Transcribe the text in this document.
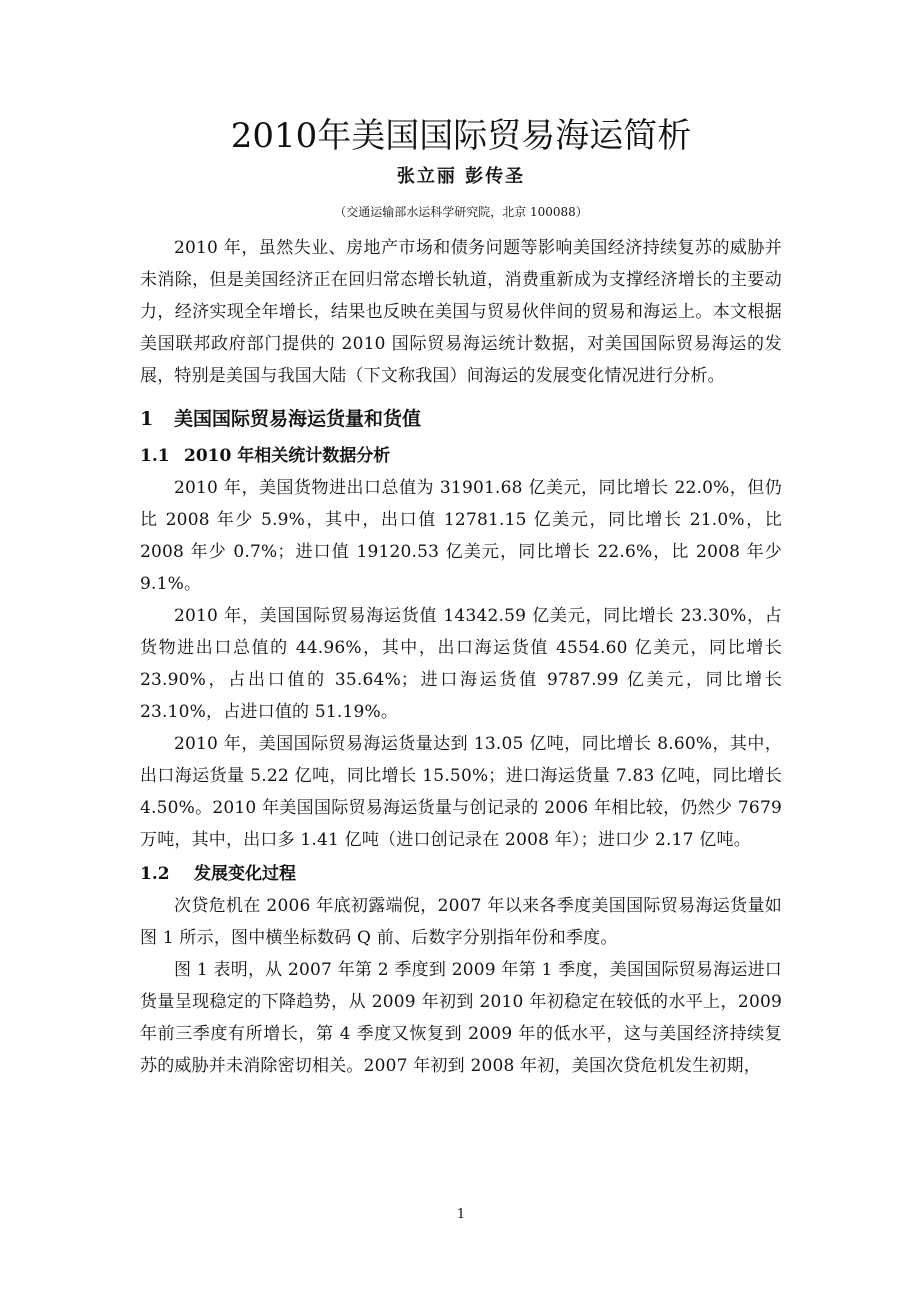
2010年美国国际贸易海运简析

张立丽 彭传圣

（交通运输部水运科学研究院，北京 100088）

2010 年，虽然失业、房地产市场和债务问题等影响美国经济持续复苏的威胁并未消除，但是美国经济正在回归常态增长轨道，消费重新成为支撑经济增长的主要动力，经济实现全年增长，结果也反映在美国与贸易伙伴间的贸易和海运上。本文根据美国联邦政府部门提供的 2010 国际贸易海运统计数据，对美国国际贸易海运的发展，特别是美国与我国大陆（下文称我国）间海运的发展变化情况进行分析。

1 美国国际贸易海运货量和货值
1.1 2010 年相关统计数据分析

2010 年，美国货物进出口总值为 31901.68 亿美元，同比增长 22.0%，但仍比 2008 年少 5.9%，其中，出口值 12781.15 亿美元，同比增长 21.0%，比 2008 年少 0.7%；进口值 19120.53 亿美元，同比增长 22.6%，比 2008 年少 9.1%。

2010 年，美国国际贸易海运货值 14342.59 亿美元，同比增长 23.30%，占货物进出口总值的 44.96%，其中，出口海运货值 4554.60 亿美元，同比增长 23.90%，占出口值的 35.64%；进口海运货值 9787.99 亿美元，同比增长 23.10%，占进口值的 51.19%。

2010 年，美国国际贸易海运货量达到 13.05 亿吨，同比增长 8.60%，其中，出口海运货量 5.22 亿吨，同比增长 15.50%；进口海运货量 7.83 亿吨，同比增长 4.50%。2010 年美国国际贸易海运货量与创记录的 2006 年相比较，仍然少 7679 万吨，其中，出口多 1.41 亿吨（进口创记录在 2008 年）；进口少 2.17 亿吨。

1.2 发展变化过程

次贷危机在 2006 年底初露端倪，2007 年以来各季度美国国际贸易海运货量如图 1 所示，图中横坐标数码 Q 前、后数字分别指年份和季度。

图 1 表明，从 2007 年第 2 季度到 2009 年第 1 季度，美国国际贸易海运进口货量呈现稳定的下降趋势，从 2009 年初到 2010 年初稳定在较低的水平上，2009 年前三季度有所增长，第 4 季度又恢复到 2009 年的低水平，这与美国经济持续复苏的威胁并未消除密切相关。2007 年初到 2008 年初，美国次贷危机发生初期，

1
